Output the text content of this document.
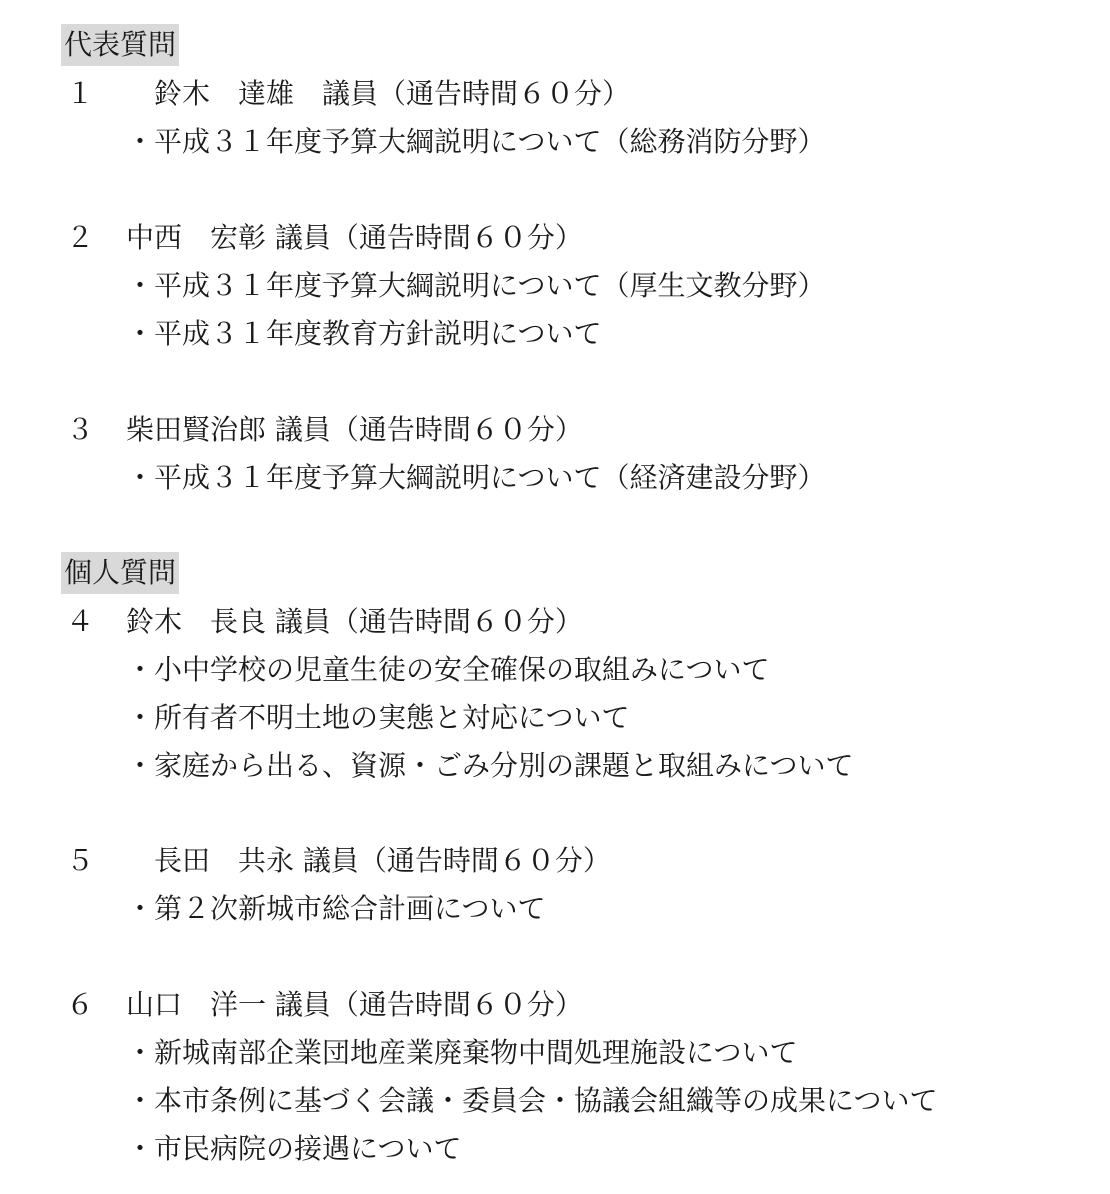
代表質問
１ 　鈴木　達雄　議員（通告時間６０分）
・平成３１年度予算大綱説明について（総務消防分野）
２ 中西　宏彰 議員（通告時間６０分）
・平成３１年度予算大綱説明について（厚生文教分野）
・平成３１年度教育方針説明について
３ 柴田賢治郎 議員（通告時間６０分）
・平成３１年度予算大綱説明について（経済建設分野）
個人質問
４ 鈴木　長良 議員（通告時間６０分）
・小中学校の児童生徒の安全確保の取組みについて
・所有者不明土地の実態と対応について
・家庭から出る、資源・ごみ分別の課題と取組みについて
５ 　長田　共永 議員（通告時間６０分）
・第２次新城市総合計画について
６ 山口　洋一 議員（通告時間６０分）
・新城南部企業団地産業廃棄物中間処理施設について
・本市条例に基づく会議・委員会・協議会組織等の成果について
・市民病院の接遇について
